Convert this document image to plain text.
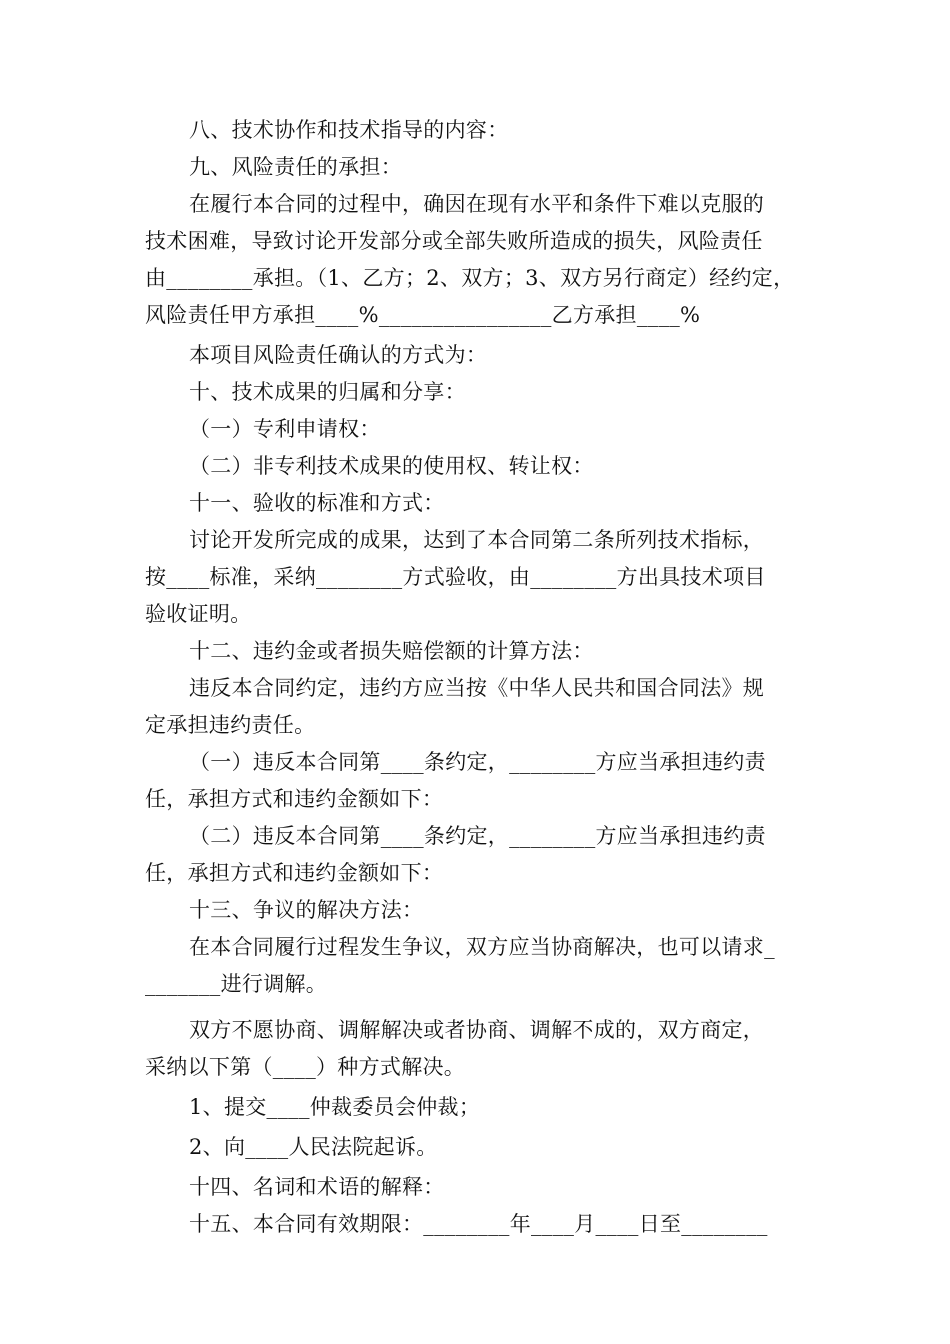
八、技术协作和技术指导的内容：
九、风险责任的承担：
在履行本合同的过程中，确因在现有水平和条件下难以克服的
技术困难，导致讨论开发部分或全部失败所造成的损失，风险责任
由________承担。（1、乙方；2、双方；3、双方另行商定）经约定，
风险责任甲方承担____%________________乙方承担____%
本项目风险责任确认的方式为：
十、技术成果的归属和分享：
（一）专利申请权：
（二）非专利技术成果的使用权、转让权：
十一、验收的标准和方式：
讨论开发所完成的成果，达到了本合同第二条所列技术指标，
按____标准，采纳________方式验收，由________方出具技术项目
验收证明。
十二、违约金或者损失赔偿额的计算方法：
违反本合同约定，违约方应当按《中华人民共和国合同法》规
定承担违约责任。
（一）违反本合同第____条约定，________方应当承担违约责
任，承担方式和违约金额如下：
（二）违反本合同第____条约定，________方应当承担违约责
任，承担方式和违约金额如下：
十三、争议的解决方法：
在本合同履行过程发生争议，双方应当协商解决，也可以请求_
_______进行调解。
双方不愿协商、调解解决或者协商、调解不成的，双方商定，
采纳以下第（____）种方式解决。
1、提交____仲裁委员会仲裁；
2、向____人民法院起诉。
十四、名词和术语的解释：
十五、本合同有效期限：________年____月____日至________
